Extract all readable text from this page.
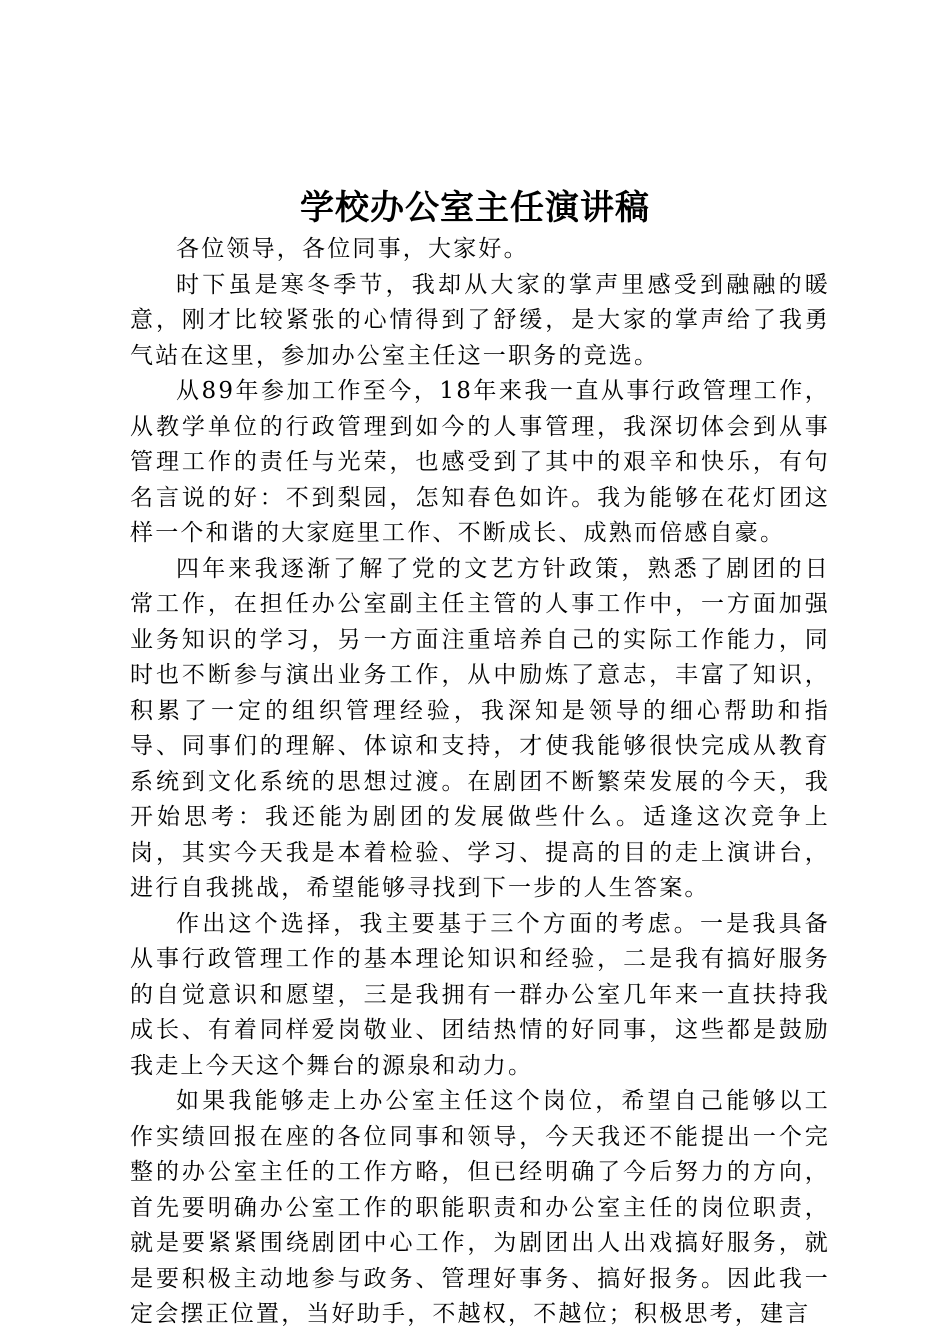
学校办公室主任演讲稿

各位领导，各位同事，大家好。

时下虽是寒冬季节，我却从大家的掌声里感受到融融的暖意，刚才比较紧张的心情得到了舒缓，是大家的掌声给了我勇气站在这里，参加办公室主任这一职务的竞选。

从89年参加工作至今，18年来我一直从事行政管理工作，从教学单位的行政管理到如今的人事管理，我深切体会到从事管理工作的责任与光荣，也感受到了其中的艰辛和快乐，有句名言说的好：不到梨园，怎知春色如许。我为能够在花灯团这样一个和谐的大家庭里工作、不断成长、成熟而倍感自豪。

四年来我逐渐了解了党的文艺方针政策，熟悉了剧团的日常工作，在担任办公室副主任主管的人事工作中，一方面加强业务知识的学习，另一方面注重培养自己的实际工作能力，同时也不断参与演出业务工作，从中励炼了意志，丰富了知识，积累了一定的组织管理经验，我深知是领导的细心帮助和指导、同事们的理解、体谅和支持，才使我能够很快完成从教育系统到文化系统的思想过渡。在剧团不断繁荣发展的今天，我开始思考：我还能为剧团的发展做些什么。适逢这次竞争上岗，其实今天我是本着检验、学习、提高的目的走上演讲台，进行自我挑战，希望能够寻找到下一步的人生答案。

作出这个选择，我主要基于三个方面的考虑。一是我具备从事行政管理工作的基本理论知识和经验，二是我有搞好服务的自觉意识和愿望，三是我拥有一群办公室几年来一直扶持我成长、有着同样爱岗敬业、团结热情的好同事，这些都是鼓励我走上今天这个舞台的源泉和动力。

如果我能够走上办公室主任这个岗位，希望自己能够以工作实绩回报在座的各位同事和领导，今天我还不能提出一个完整的办公室主任的工作方略，但已经明确了今后努力的方向，首先要明确办公室工作的职能职责和办公室主任的岗位职责，就是要紧紧围绕剧团中心工作，为剧团出人出戏搞好服务，就是要积极主动地参与政务、管理好事务、搞好报务。因此我一定会摆正位置，当好助手，不越权，不越位；积极思考，建言
